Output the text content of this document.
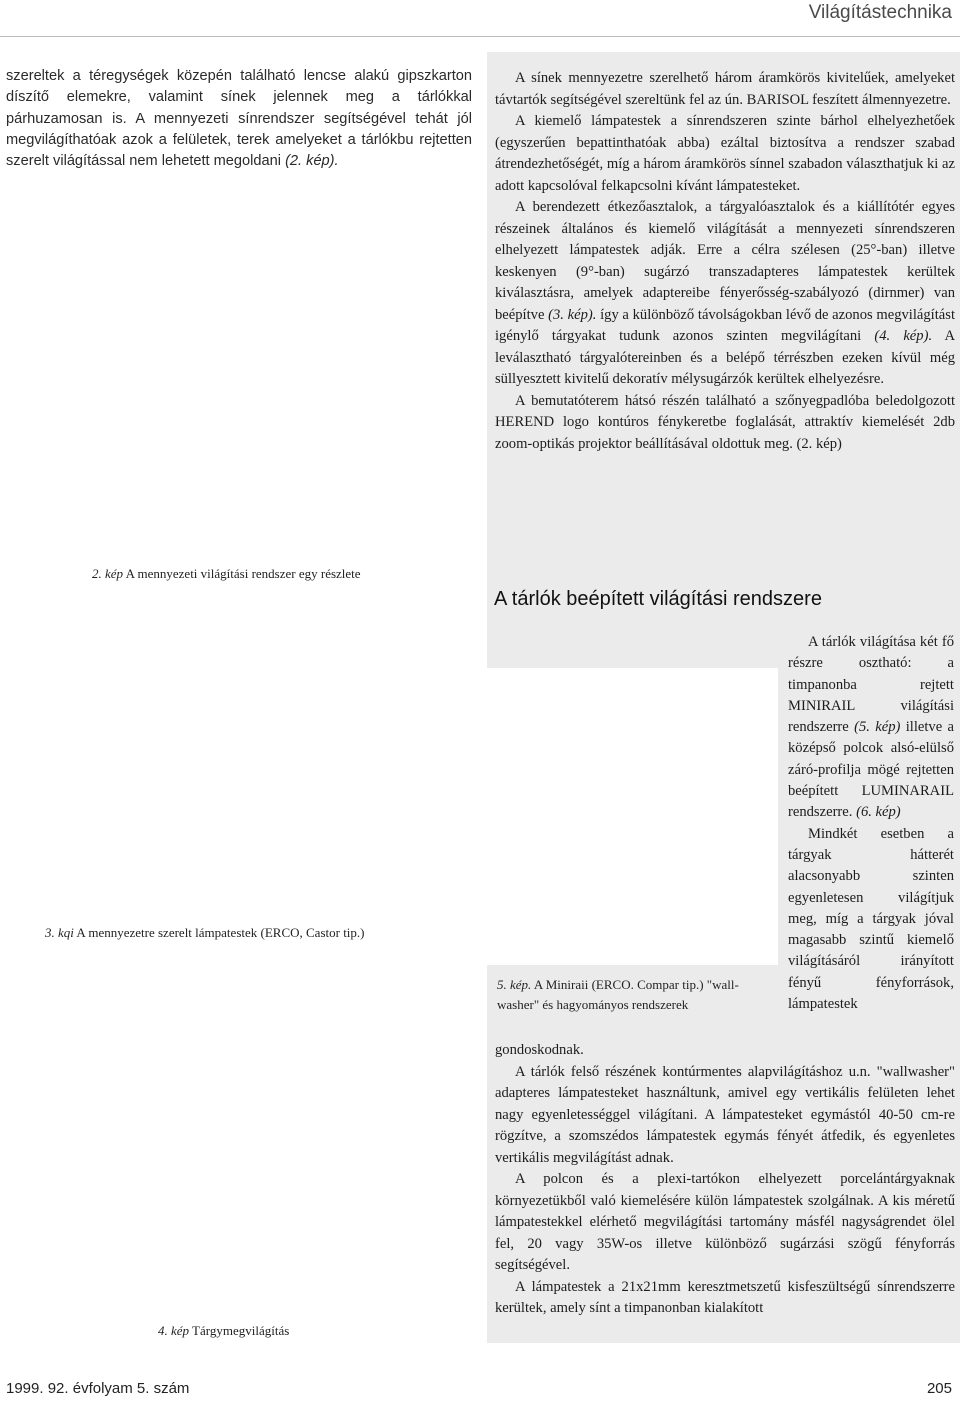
Világítástechnika
szereltek a téregységek közepén található lencse alakú gipszkarton díszítő elemekre, valamint sínek jelennek meg a tárlókkal párhuzamosan is. A mennyezeti sínrendszer segítségével tehát jól megvilágíthatóak azok a felületek, terek amelyeket a tárlókbu rejtetten szerelt világítással nem lehetett megoldani (2. kép).
2. kép A mennyezeti világítási rendszer egy részlete
3. kqi A mennyezetre szerelt lámpatestek (ERCO, Castor tip.)
4. kép Tárgymegvilágítás

A sínek mennyezetre szerelhető három áramkörös kivitelűek, amelyeket távtartók segítségével szereltünk fel az ún. BARISOL feszített álmennyezetre.

A kiemelő lámpatestek a sínrendszeren szinte bárhol elhelyezhetőek (egyszerűen bepattinthatóak abba) ezáltal biztosítva a rendszer szabad átrendezhetőségét, míg a három áramkörös sínnel szabadon választhatjuk ki az adott kapcsolóval felkapcsolni kívánt lámpatesteket.

A berendezett étkezőasztalok, a tárgyalóasztalok és a kiállítótér egyes részeinek általános és kiemelő világítását a mennyezeti sínrendszeren elhelyezett lámpatestek adják. Erre a célra szélesen (25°-ban) illetve keskenyen (9°-ban) sugárzó transzadapteres lámpatestek kerültek kiválasztásra, amelyek adaptereibe fényerősség-szabályozó (dirnmer) van beépítve (3. kép). így a különböző távolságokban lévő de azonos megvilágítást igénylő tárgyakat tudunk azonos szinten megvilágítani (4. kép). A leválasztható tárgyalótereinben és a belépő térrészben ezeken kívül még süllyesztett kivitelű dekoratív mélysugárzók kerültek elhelyezésre.

A bemutatóterem hátsó részén található a szőnyegpadlóba beledolgozott HEREND logo kontúros fénykeretbe foglalását, attraktív kiemelését 2db zoom-optikás projektor beállításával oldottuk meg. (2. kép)

A tárlók beépített világítási rendszere

A tárlók világítása két fő részre osztható: a timpanonba rejtett MINIRAIL világítási rendszerre (5. kép) illetve a középső polcok alsó-elülső záró-profilja mögé rejtetten beépített LUMINARAIL rendszerre. (6. kép)

Mindkét esetben a tárgyak hátterét alacsonyabb szinten egyenletesen világítjuk meg, míg a tárgyak jóval magasabb szintű kiemelő világításáról irányított fényű fényforrások, lámpatestek

5. kép. A Miniraii (ERCO. Compar tip.) "wall-washer" és hagyományos rendszerek

gondoskodnak.

A tárlók felső részének kontúrmentes alapvilágításhoz u.n. "wallwasher" adapteres lámpatesteket használtunk, amivel egy vertikális felületen lehet nagy egyenletességgel világítani. A lámpatesteket egymástól 40-50 cm-re rögzítve, a szomszédos lámpatestek egymás fényét átfedik, és egyenletes vertikális megvilágítást adnak.

A polcon és a plexi-tartókon elhelyezett porcelántárgyaknak környezetükből való kiemelésére külön lámpatestek szolgálnak. A kis méretű lámpatestekkel elérhető megvilágítási tartomány másfél nagyságrendet ölel fel, 20 vagy 35W-os illetve különböző sugárzási szögű fényforrás segítségével.

A lámpatestek a 21x21mm keresztmetszetű kisfeszültségű sínrendszerre kerültek, amely sínt a timpanonban kialakított

1999. 92. évfolyam 5. szám	205
